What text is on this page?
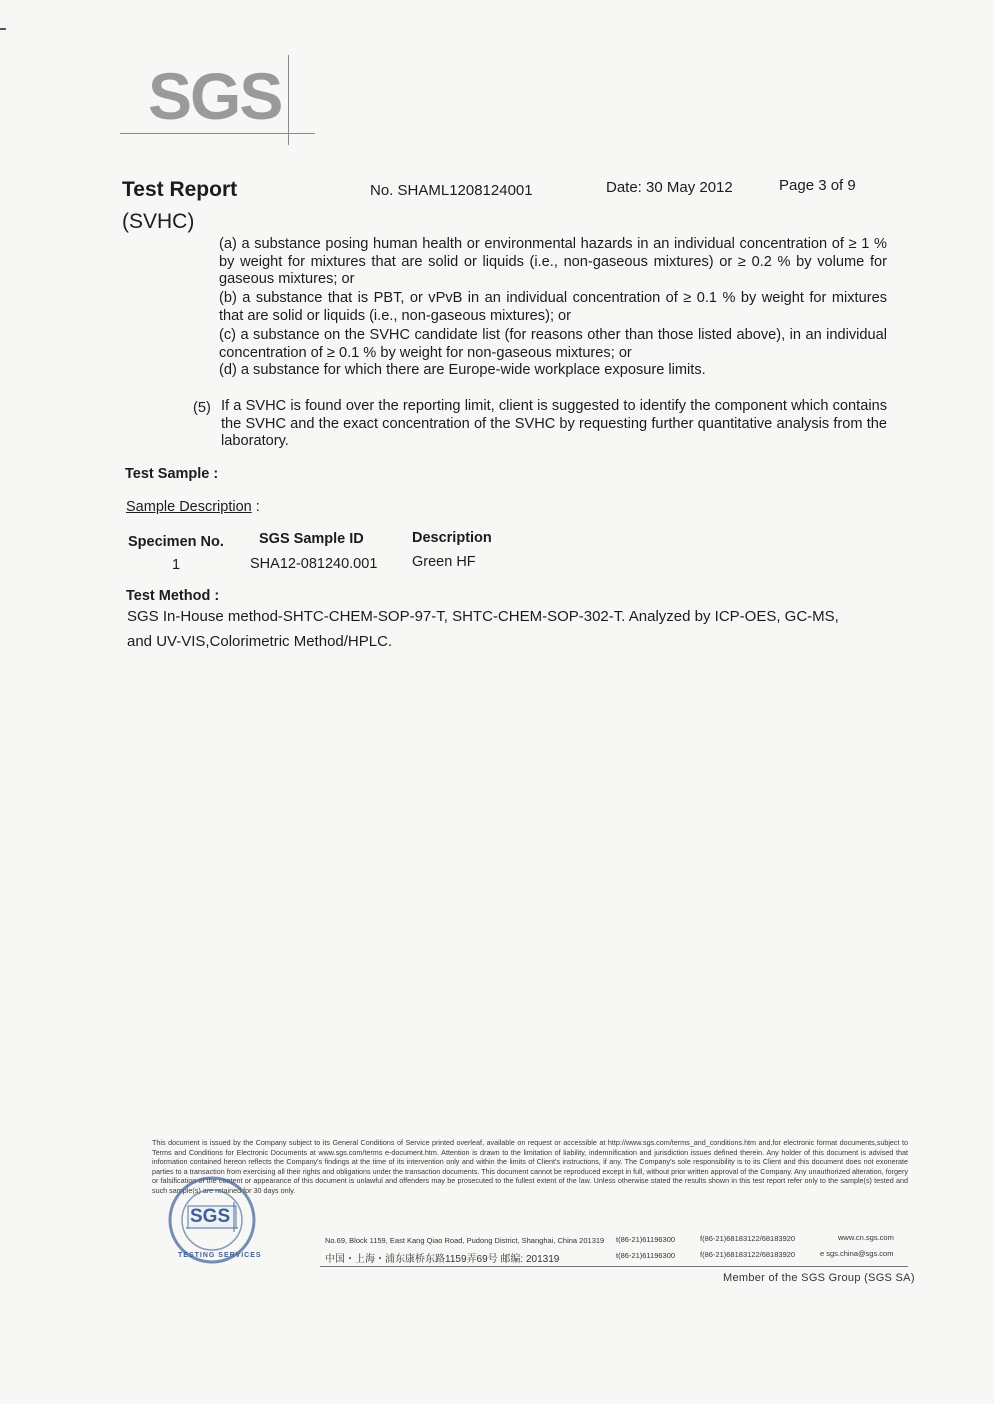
SGS
Test Report
(SVHC)
No. SHAML1208124001	Date: 30 May 2012	Page 3 of 9
(a) a substance posing human health or environmental hazards in an individual concentration of ≥ 1 % by weight for mixtures that are solid or liquids (i.e., non-gaseous mixtures) or ≥ 0.2 % by volume for gaseous mixtures; or
(b) a substance that is PBT, or vPvB in an individual concentration of ≥ 0.1 % by weight for mixtures that are solid or liquids (i.e., non-gaseous mixtures); or
(c) a substance on the SVHC candidate list (for reasons other than those listed above), in an individual concentration of ≥ 0.1 % by weight for non-gaseous mixtures; or
(d) a substance for which there are Europe-wide workplace exposure limits.
(5) If a SVHC is found over the reporting limit, client is suggested to identify the component which contains the SVHC and the exact concentration of the SVHC by requesting further quantitative analysis from the laboratory.
Test Sample :
Sample Description :
Specimen No. SGS Sample ID	Description
1	SHA12-081240.001 Green HF
Test Method :
SGS In-House method-SHTC-CHEM-SOP-97-T, SHTC-CHEM-SOP-302-T. Analyzed by ICP-OES, GC-MS, and UV-VIS,Colorimetric Method/HPLC.
This document is issued by the Company subject to its General Conditions of Service printed overleaf, available on request or accessible at http://www.sgs.com/terms_and_conditions.htm and,for electronic format documents,subject to Terms and Conditions for Electronic Documents at www.sgs.com/terms e-document.htm. Attention is drawn to the limitation of liability, indemnification and jurisdiction issues defined therein. Any holder of this document is advised that information contained hereon reflects the Company's findings at the time of its intervention only and within the limits of Client's instructions, if any. The Company's sole responsibility is to its Client and this document does not exonerate parties to a transaction from exercising all their rights and obligations under the transaction documents. This document cannot be reproduced except in full, without prior written approval of the Company. Any unauthorized alteration, forgery or falsification of the content or appearance of this document is unlawful and offenders may be prosecuted to the fullest extent of the law. Unless otherwise stated the results shown in this test report refer only to the sample(s) tested and such sample(s) are retained for 30 days only.
SGS
TESTING SERVICES
No.69, Block 1159, East Kang Qiao Road, Pudong District, Shanghai, China 201319 t(86-21)61196300	f(86-21)68183122/68183920	www.cn.sgs.com
中国・上海・浦东康桥东路1159弄69号 邮编: 201319	t(86-21)61196300	f(86-21)68183122/68183920	e sgs.china@sgs.com
Member of the SGS Group (SGS SA)
